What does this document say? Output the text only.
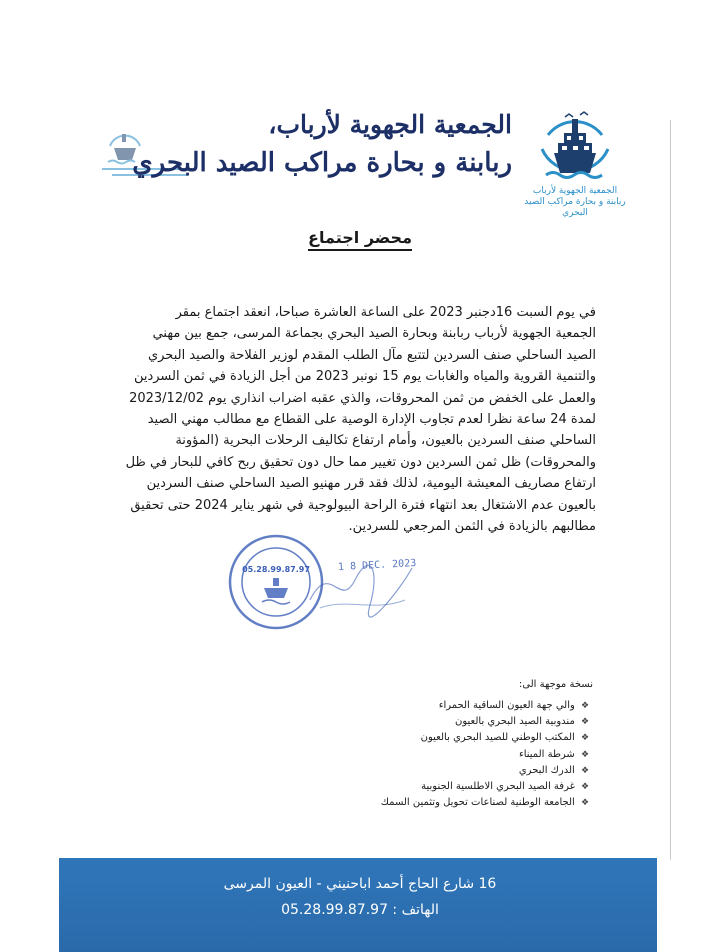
الجمعية الجهوية لأرباب
ربابنة و بحارة مراكب الصيد البحري
الجمعية الجهوية لأرباب،
ربابنة و بحارة مراكب الصيد البحري
محضر اجتماع

في يوم السبت 16دجنبر 2023 على الساعة العاشرة صباحا، انعقد اجتماع بمقر

الجمعية الجهوية لأرباب ربابنة وبحارة الصيد البحري بجماعة المرسى، جمع بين مهني

الصيد الساحلي صنف السردين لتتبع مآل الطلب المقدم لوزير الفلاحة والصيد البحري

والتنمية القروية والمياه والغابات يوم 15 نونبر 2023 من أجل الزيادة في ثمن السردين

والعمل على الخفض من ثمن المحروقات، والذي عقبه اضراب انذاري يوم 2023/12/02

لمدة 24 ساعة نظرا لعدم تجاوب الإدارة الوصية على القطاع مع مطالب مهني الصيد

الساحلي صنف السردين بالعيون، وأمام ارتفاع تكاليف الرحلات البحرية (المؤونة

والمحروقات) ظل ثمن السردين دون تغيير مما حال دون تحقيق ربح كافي للبحار في ظل

ارتفاع مصاريف المعيشة اليومية، لذلك فقد قرر مهنيو الصيد الساحلي صنف السردين

بالعيون عدم الاشتغال بعد انتهاء فترة الراحة البيولوجية في شهر يناير 2024 حتى تحقيق

مطالبهم بالزيادة في الثمن المرجعي للسردين.

05.28.99.87.97	1 8 DEC. 2023
نسخة موجهة الى:
❖ والي جهة العيون الساقية الحمراء
❖ مندوبية الصيد البحري بالعيون
❖ المكتب الوطني للصيد البحري بالعيون
❖ شرطة الميناء
❖ الدرك البحري
❖ غرفة الصيد البحري الاطلسية الجنوبية
❖ الجامعة الوطنية لصناعات تحويل وتثمين السمك
16 شارع الحاج أحمد اباحنيني - العيون المرسى
الهاتف : 05.28.99.87.97
